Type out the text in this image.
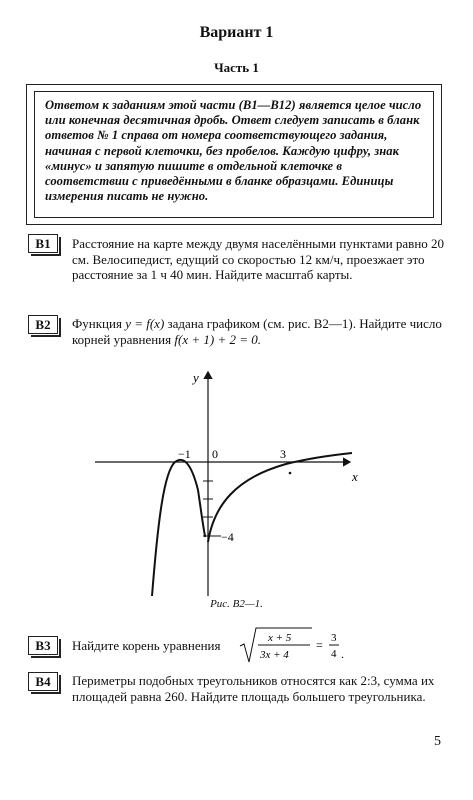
Вариант 1
Часть 1
Ответом к заданиям этой части (В1—В12) является целое число или конечная десятичная дробь. Ответ следует записать в бланк ответов № 1 справа от номера соответствующего задания, начиная с первой клеточки, без пробелов. Каждую цифру, знак «минус» и запятую пишите в отдельной клеточке в соответствии с приведёнными в бланке образцами. Единицы измерения писать не нужно.
B1	Расстояние на карте между двумя населёнными пунктами равно 20 см. Велосипедист, едущий со скоростью 12 км/ч, проезжает это расстояние за 1 ч 40 мин. Найдите масштаб карты.
B2	Функция y = f(x) задана графиком (см. рис. B2—1). Найдите число корней уравнения f(x + 1) + 2 = 0.
y
x
−1 0	3
−4
Рис. B2—1.
B3	Найдите корень уравнения	x + 5
3x + 4
= 3
4 .
B4	Периметры подобных треугольников относятся как 2:3, сумма их площадей равна 260. Найдите площадь большего треугольника.
5
